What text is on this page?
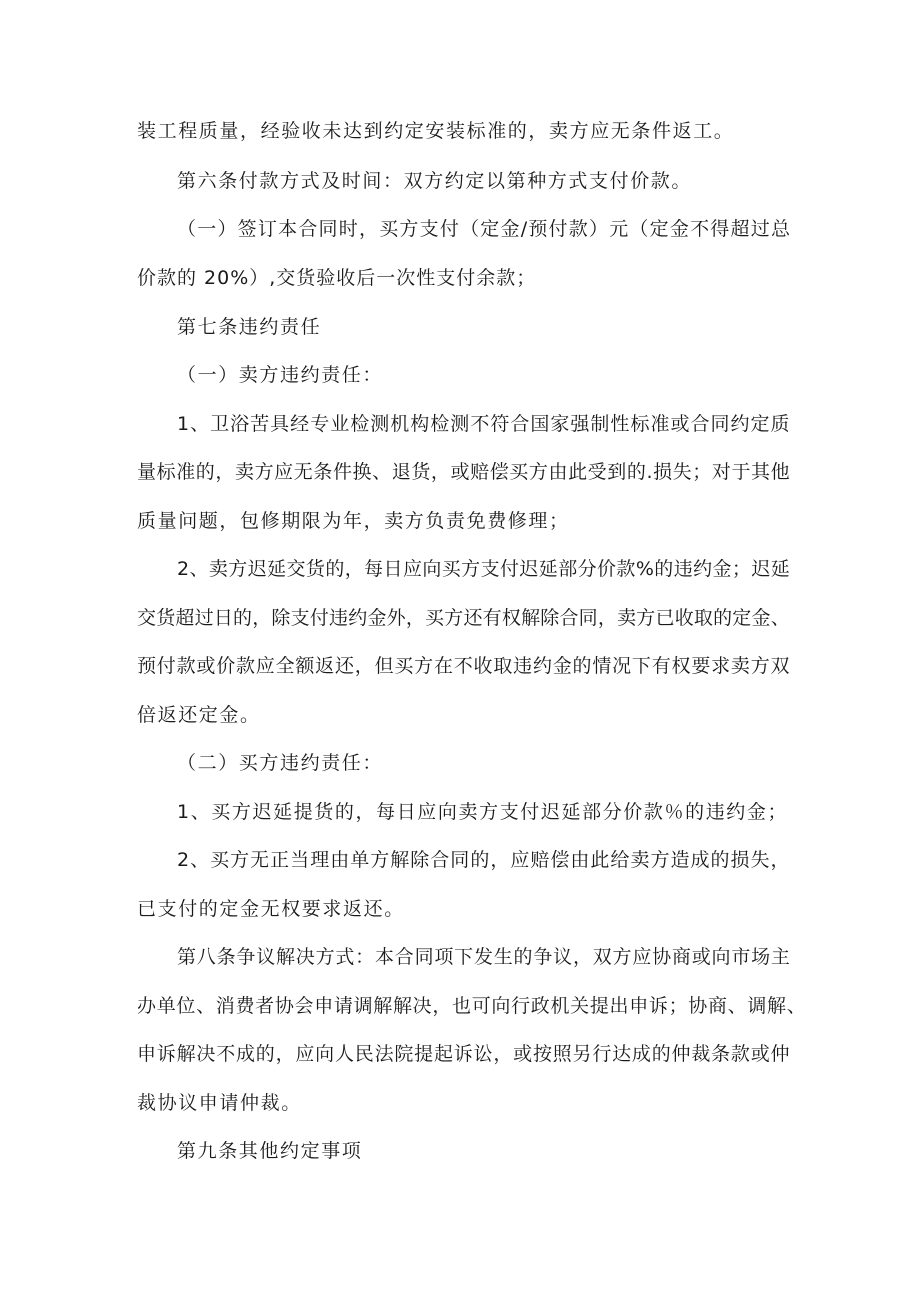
装工程质量，经验收未达到约定安装标准的，卖方应无条件返工。
第六条付款方式及时间：双方约定以第种方式支付价款。
（ 一 ） 签 订 本 合 同 时 ， 买 方 支 付 （ 定 金 / 预 付 款 ） 元 （ 定 金 不 得 超 过 总
价款的 20%）,交货验收后一次性支付余款；
第七条违约责任
（一）卖方违约责任：
1 、 卫 浴 苦 具 经 专 业 检 测 机 构 检 测 不 符 合 国 家 强 制 性 标 准 或 合 同 约 定 质
量 标 准 的 ， 卖 方 应 无 条 件 换 、 退 货 ， 或 赔 偿 买 方 由 此 受 到 的 . 损 失 ； 对 于 其 他
质量问题，包修期限为年，卖方负责免费修理；
2 、 卖 方 迟 延 交 货 的 ， 每 日 应 向 买 方 支 付 迟 延 部 分 价 款 % 的 违 约 金 ； 迟 延
交 货 超 过 日 的 ， 除 支 付 违 约 金 外 ， 买 方 还 有 权 解 除 合 同 ， 卖 方 已 收 取 的 定 金 、
预 付 款 或 价 款 应 全 额 返 还 ， 但 买 方 在 不 收 取 违 约 金 的 情 况 下 有 权 要 求 卖 方 双
倍返还定金。
（二）买方违约责任：
1、买方迟延提货的，每日应向卖方支付迟延部分价款％的违约金；
2 、 买 方 无 正 当 理 由 单 方 解 除 合 同 的 ， 应 赔 偿 由 此 给 卖 方 造 成 的 损 失 ，
已支付的定金无权要求返还。
第 八 条 争 议 解 决 方 式 ： 本 合 同 项 下 发 生 的 争 议 ， 双 方 应 协 商 或 向 市 场 主
办 单 位 、 消 费 者 协 会 申 请 调 解 解 决 ， 也 可 向 行 政 机 关 提 出 申 诉 ； 协 商 、 调 解 、
申 诉 解 决 不 成 的 ， 应 向 人 民 法 院 提 起 诉 讼 ， 或 按 照 另 行 达 成 的 仲 裁 条 款 或 仲
裁协议申请仲裁。
第九条其他约定事项
